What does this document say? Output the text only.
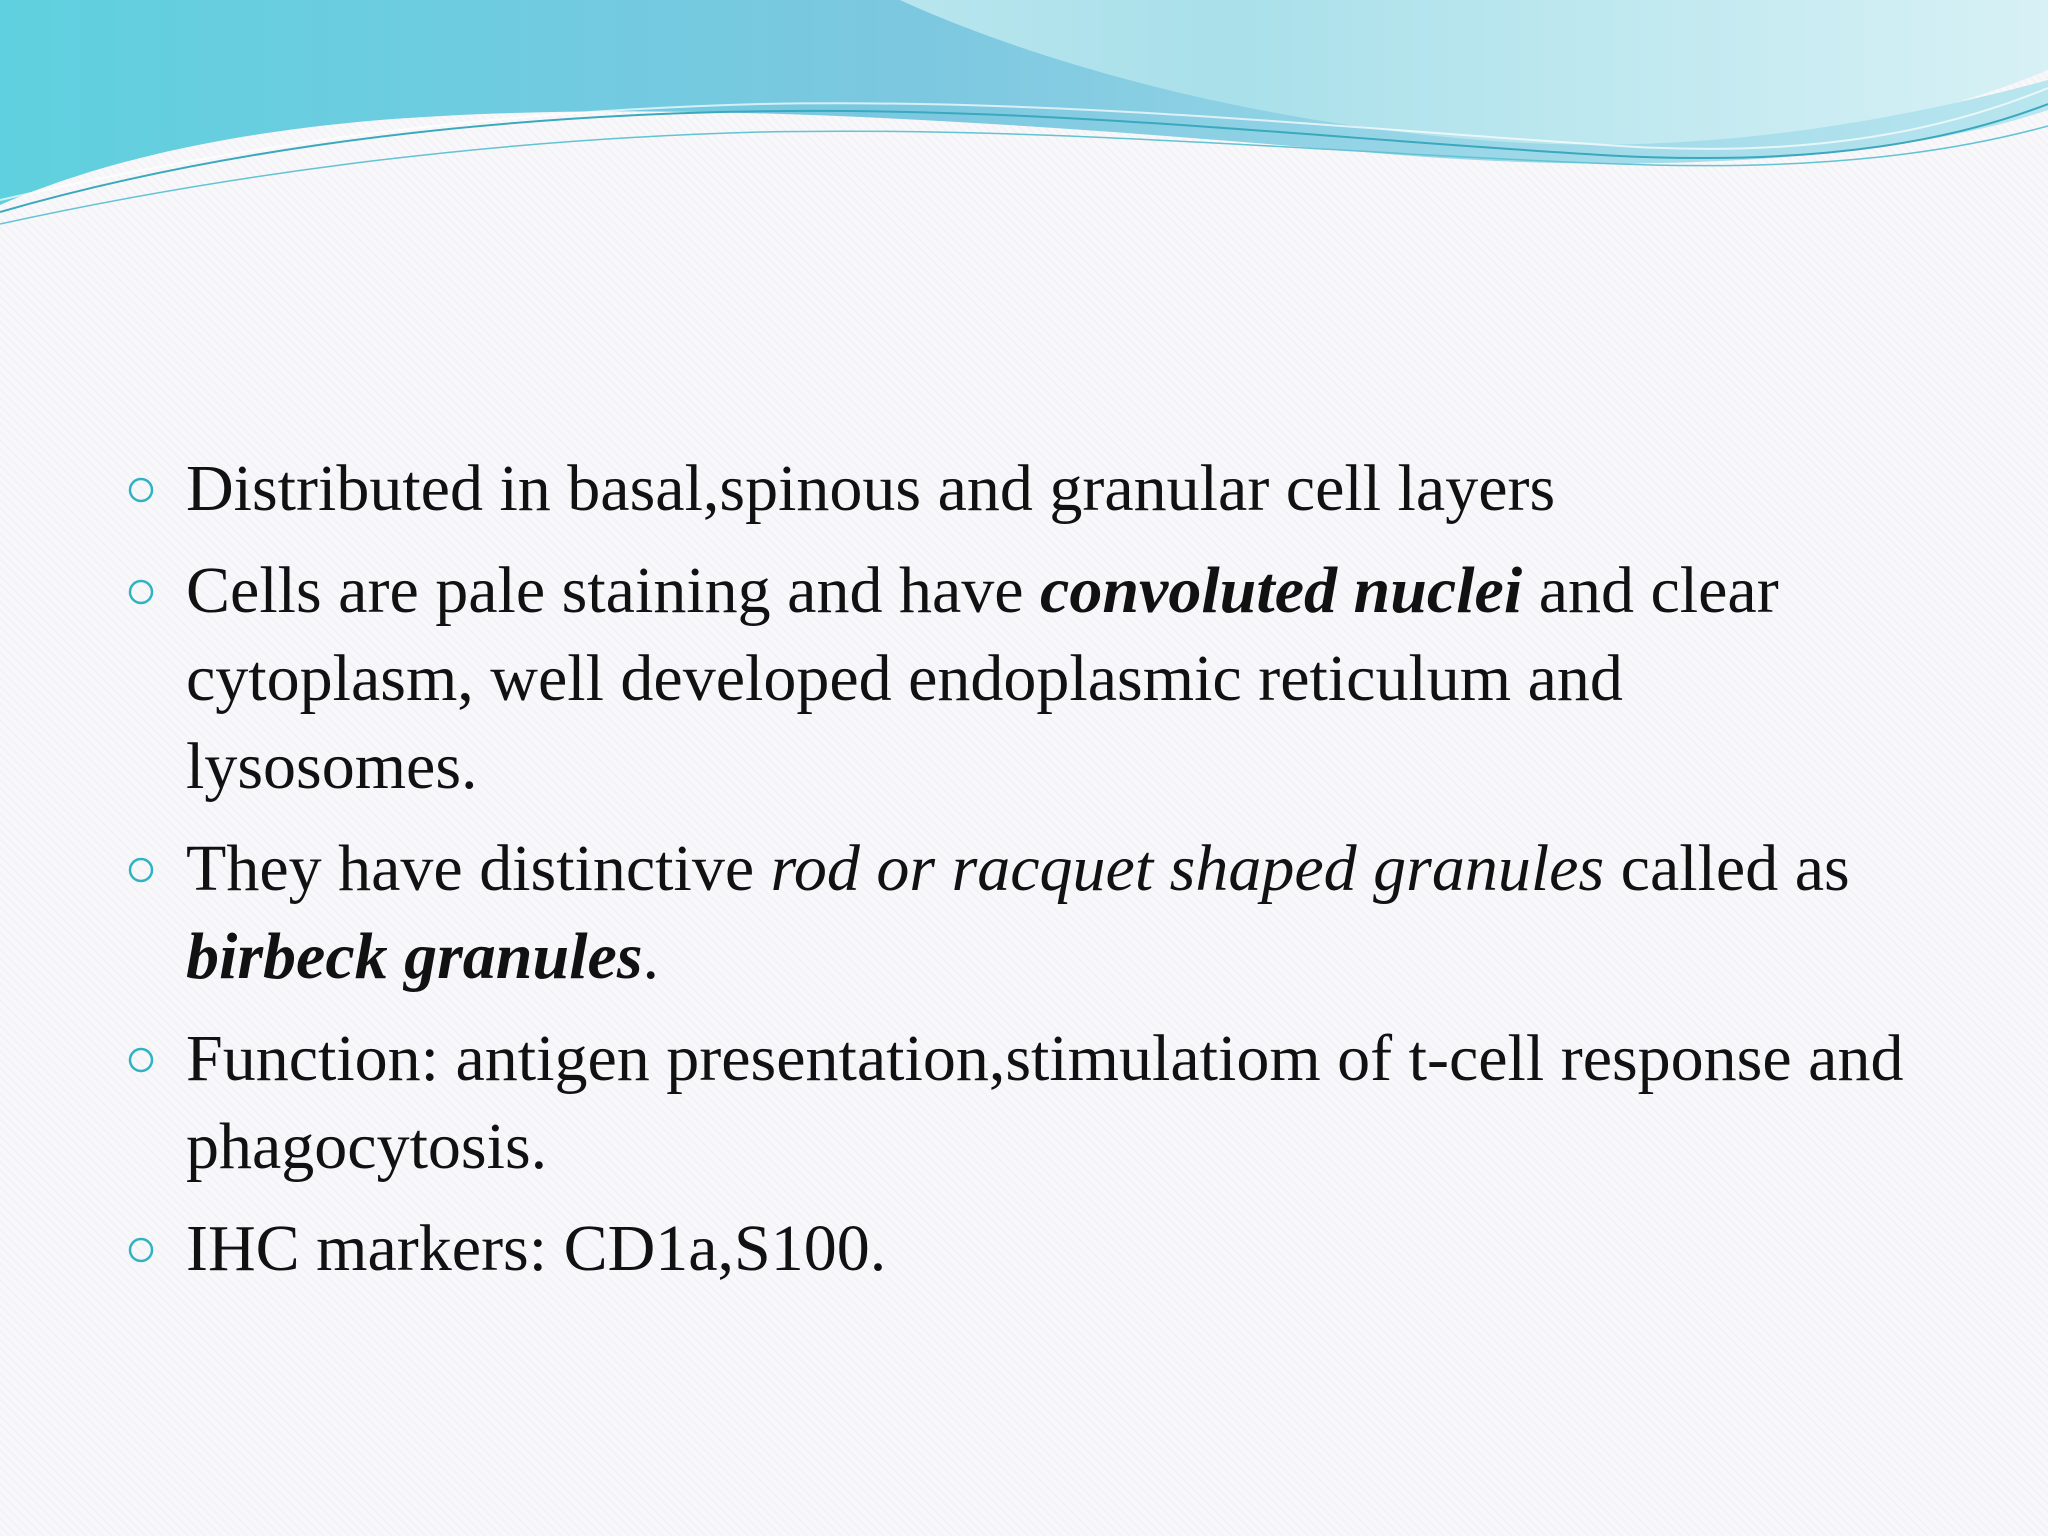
Distributed in basal,spinous and granular cell layers
Cells are pale staining and have convoluted nuclei and clear cytoplasm, well developed endoplasmic reticulum and lysosomes.
They have distinctive rod or racquet shaped granules called as birbeck granules.
Function: antigen presentation,stimulatiom of t-cell response and phagocytosis.
IHC markers: CD1a,S100.
